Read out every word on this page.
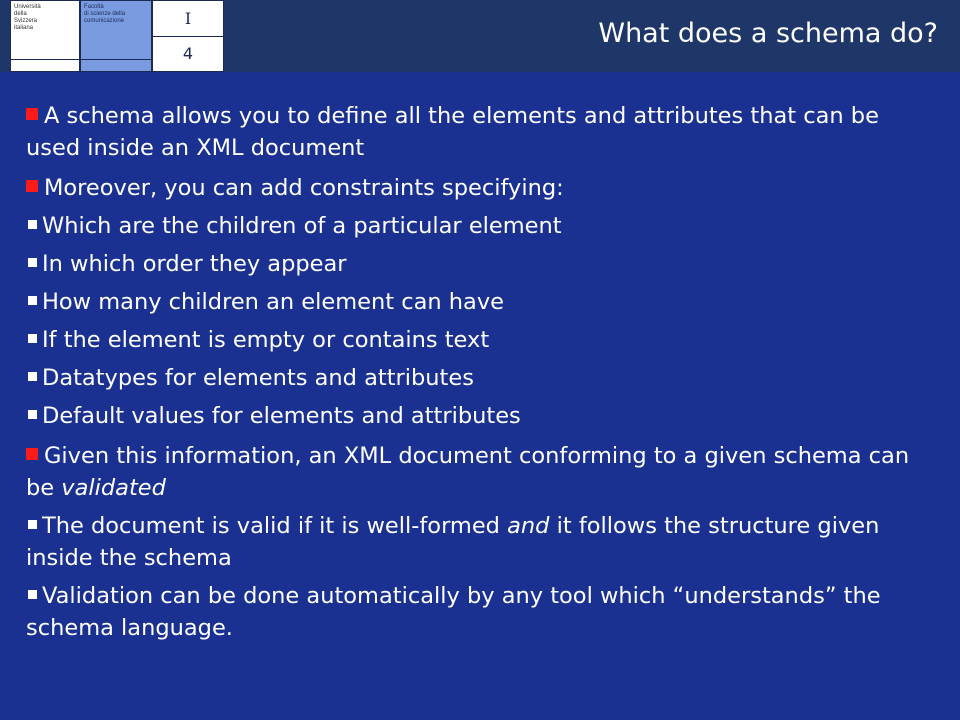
Università
della
Svizzera
italiana
Facoltà
di scienze della
comunicazione	I
4
What does a schema do?
A schema allows you to define all the elements and attributes that can be used inside an XML document
Moreover, you can add constraints specifying:
Which are the children of a particular element
In which order they appear
How many children an element can have
If the element is empty or contains text
Datatypes for elements and attributes
Default values for elements and attributes
Given this information, an XML document conforming to a given schema can be validated
The document is valid if it is well-formed and it follows the structure given inside the schema
Validation can be done automatically by any tool which “understands” the schema language.
